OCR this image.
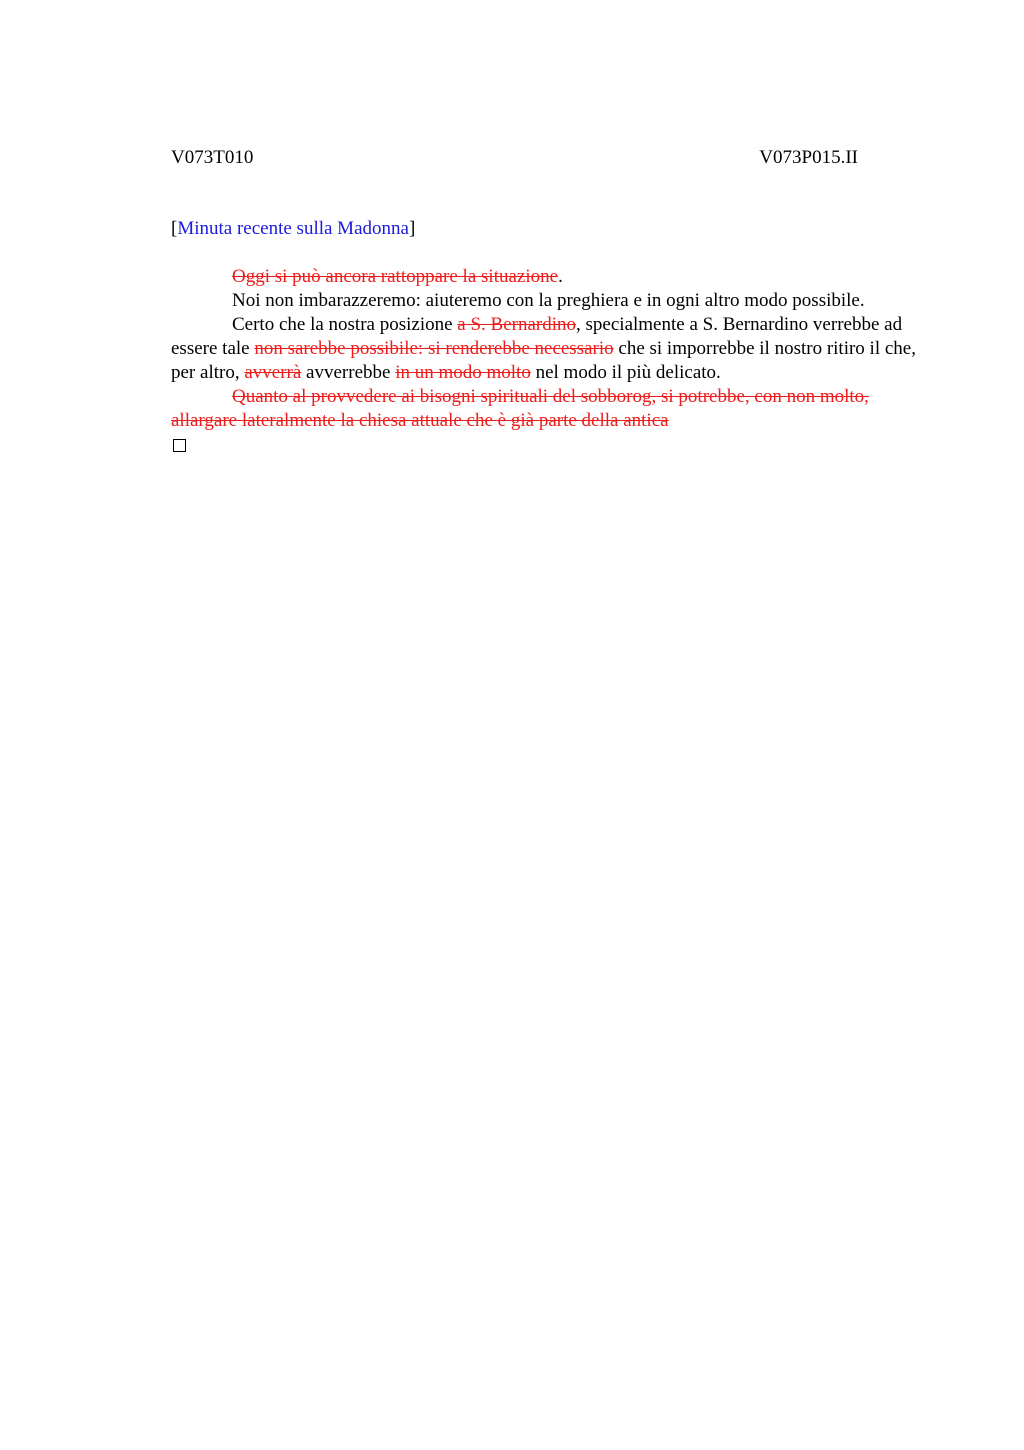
V073T010	V073P015.II
[Minuta recente sulla Madonna]

Oggi si può ancora rattoppare la situazione.

Noi non imbarazzeremo: aiuteremo con la preghiera e in ogni altro modo possibile.

Certo che la nostra posizione a S. Bernardino, specialmente a S. Bernardino verrebbe ad essere tale non sarebbe possibile: si renderebbe necessario che si imporrebbe il nostro ritiro il che, per altro, avverrà avverrebbe in un modo molto nel modo il più delicato.

Quanto al provvedere ai bisogni spirituali del sobborog, si potrebbe, con non molto, allargare lateralmente la chiesa attuale che è già parte della antica
